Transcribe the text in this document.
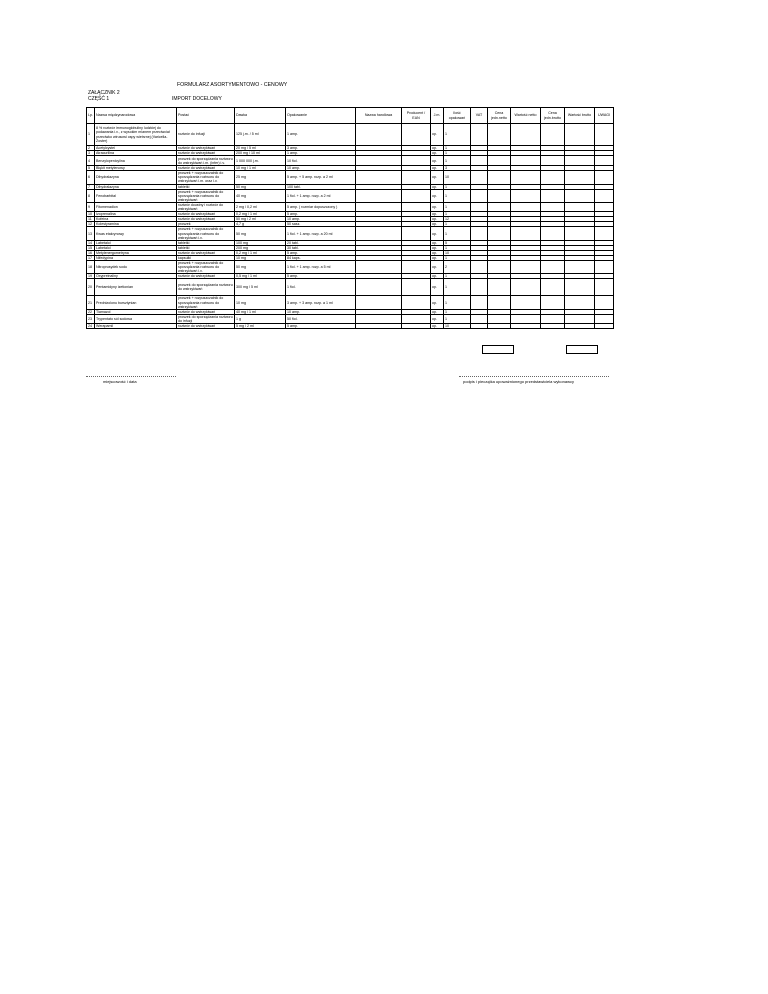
FORMULARZ ASORTYMENTOWO - CENOWY
ZAŁĄCZNIK 2
CZĘŚĆ 1	IMPORT DOCELOWY
Lp.	Nazwa międzynarodowa	Postać	Dawka	Opakowanie	Nazwa handlowa	Producent / EAN	J.m.	Ilość opakowań	VAT	Cena jedn.netto	Wartość netto	Cena jedn.brutto	Wartość brutto	UWAGI
1	8 % roztwór immunoglobuliny ludzkiej do podawania i.v., z wysokim mianem przeciwciał przeciwko wirusowi ospy wietrznej (Varicella-Zoster)	roztwór do infuzji	125 j.m. / 5 ml	1 amp.			op.	1						
2	Acetylcystei	roztwór do wstrzykiwań	20 mg / 5 ml	3 amp.			op.	1						
3	Atracurillna	roztwór do wstrzykiwań	200 mg / 10 ml	1 amp.			op.	1						
4	Benzylopenicylina	proszek do sporządzania roztworu do wstrzykiwań i.m. (infer) i.v.	1 000 000 j.m.	10 fiol.			op.	1						
5	Błękit metylenowy	roztwór do wstrzykiwań	10 mg / 1 ml	10 amp.			op.	3						
6	Dihydralazyna	proszek + rozpuszczalnik do sporządzania roztworu do wstrzykiwań i.m. oraz i.v.	25 mg	5 amp. + 5 amp. rozp. a 2 ml			op.	10						
7	Dihydralazyna	tabletki	50 mg	100 tabl.			op.	1						
8	Fenobarbital	proszek + rozpuszczalnik do sporządzania roztworu do wstrzykiwań	40 mg	1 fiol. + 1 amp. rozp. a 2 ml			op.	1						
9	Fitomenadion	roztwór doustny i roztwór do wstrzykiwań	2 mg / 0,2 ml	5 amp. ( rozmiar dopuszczony )			op.	1						
10	Izoprenalina	roztwór do wstrzykiwań	0,2 mg / 1 ml	5 amp.			op.	1						
11	Kofeina	roztwór do wstrzykiwań	50 mg / 2 ml	10 amp.			op.	12						
12	Kolestyramina	proszek	4,7 g	50 sasz.			op.	1						
13	Kwas etakrynowy	proszek + rozpuszczalnik do sporządzania roztworu do wstrzykiwań i.v.	50 mg	1 fiol. + 1 amp. rozp. a 20 ml			op.	1						
14	Labetalol	tabletki	100 mg	20 tabl.			op.	5						
15	Labetalol	tabletki	200 mg	30 tabl.			op.	1						
16	Metylenergometryna	roztwór do wstrzykiwań	0,2 mg / 1 ml	5 amp.			op.	10						
17	Nifedypina	kapsułki	10 mg	84 kaps.			op.	1						
18	Nitroprusydek sodu	proszek + rozpuszczalnik do sporządzania roztworu do wstrzykiwań i.v.	50 mg	1 fiol. + 1 amp. rozp. a 5 ml			op.	2						
19	Oxypreinaliny	roztwór do wstrzykiwań	0,5 mg / 1 ml	5 amp.			op.	1						
20	Pentamidyny izetionian	proszek do sporządzania roztworu do wstrzykiwań	300 mg / 5 ml	1 fiol.			op.	1						
21	Prednizolonu bursztynian	proszek + rozpuszczalnik do sporządzania roztworu do wstrzykiwań	10 mg	3 amp. + 3 amp. rozp. a 1 ml			op.	1						
22	Tiamazol	roztwór do wstrzykiwań	40 mg / 1 ml	10 amp.			op.	1						
23	Trypentato sól sodowa	proszek do sporządzania roztworu do infuzji	1 g	50 fiol.			op.	1						
24	Werapamil	roztwór do wstrzykiwań	5 mg / 2 ml	5 amp.			op.	10						
miejscowość i data	podpis i pieczątka upoważnionego przedstawiciela wykonawcy
